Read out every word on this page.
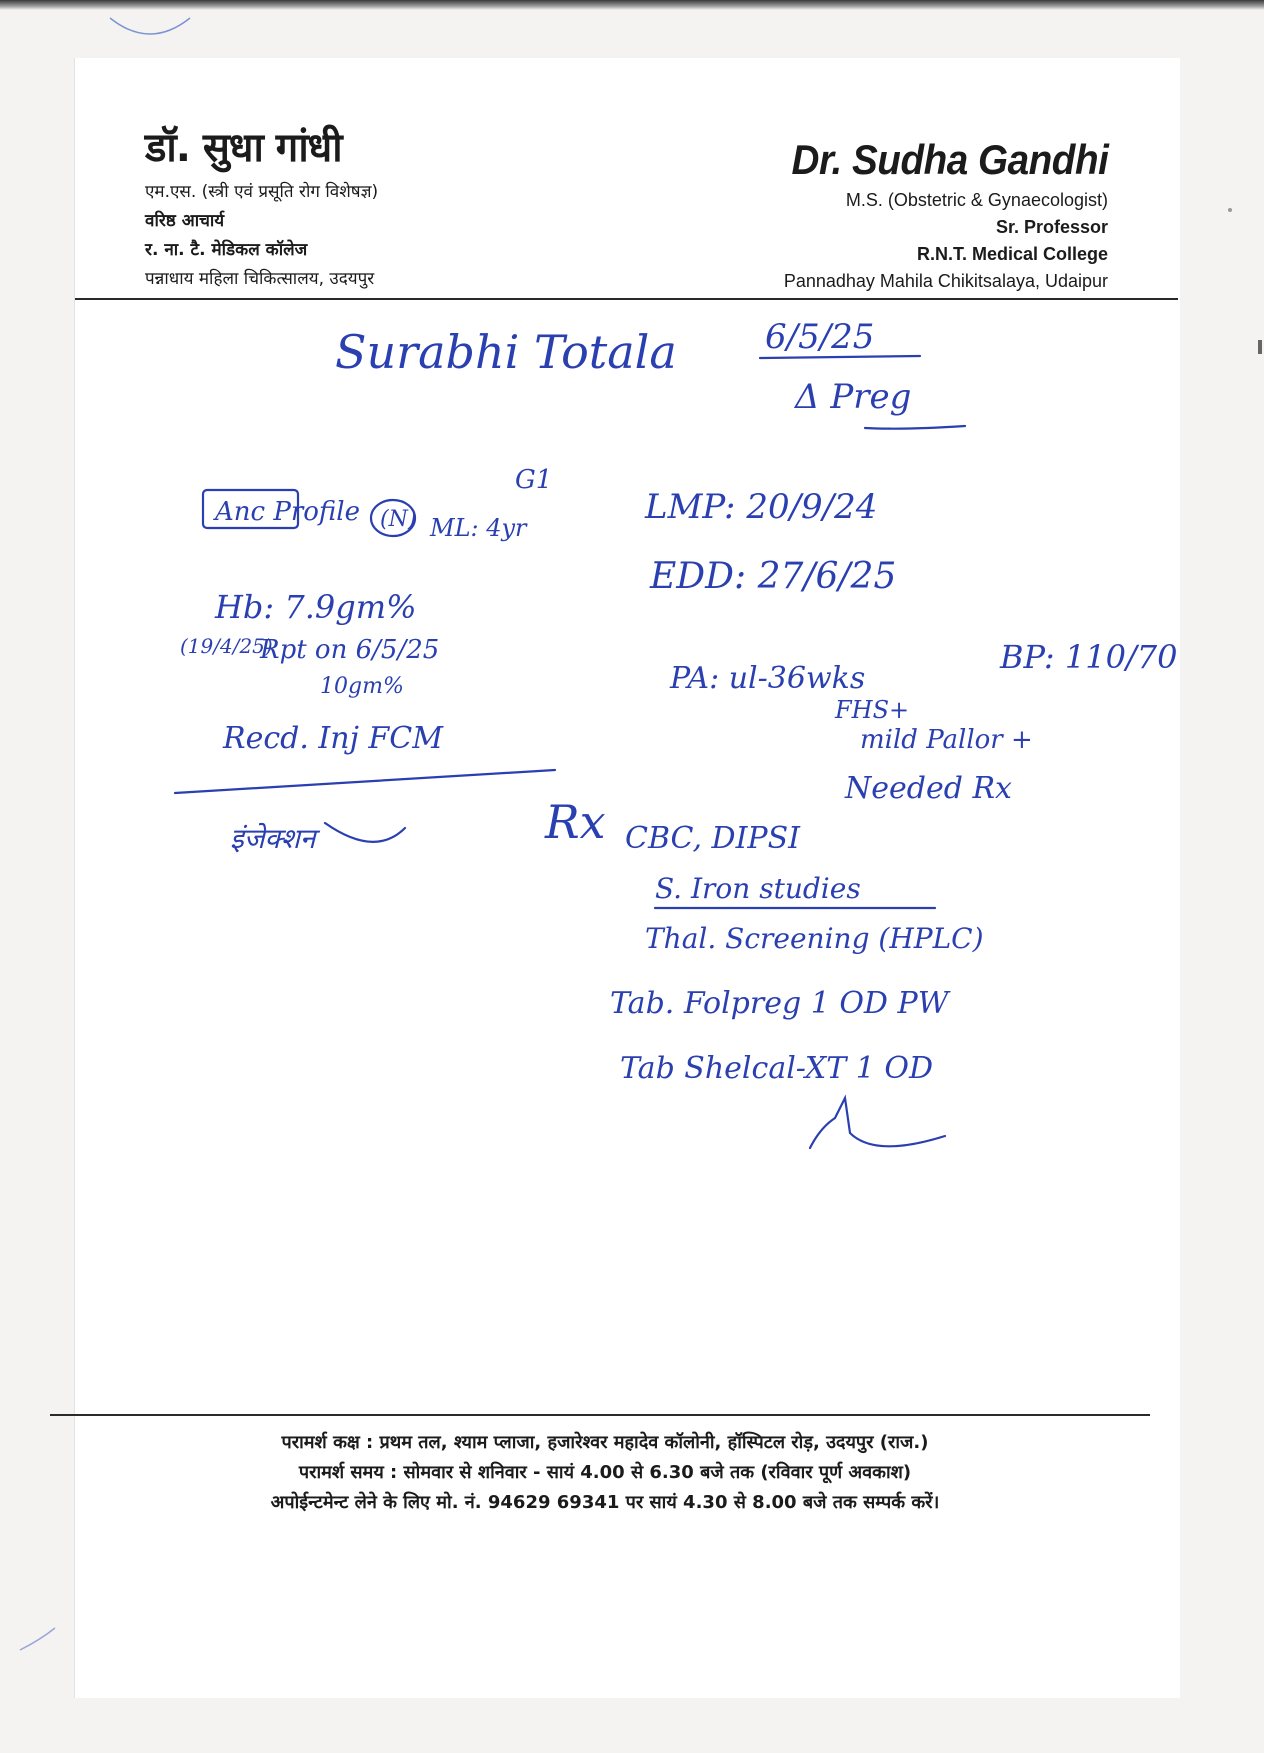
डॉ. सुधा गांधी
एम.एस. (स्त्री एवं प्रसूति रोग विशेषज्ञ)
वरिष्ठ आचार्य
र. ना. टै. मेडिकल कॉलेज
पन्नाधाय महिला चिकित्सालय, उदयपुर
Dr. Sudha Gandhi
M.S. (Obstetric & Gynaecologist)
Sr. Professor
R.N.T. Medical College
Pannadhay Mahila Chikitsalaya, Udaipur
Surabhi Totala	6/5/25
Δ Preg
Anc Profile (N) ML: 4yr
G1
LMP: 20/9/24
EDD: 27/6/25
Hb: 7.9gm%
(19/4/25)
Rpt on 6/5/25
10gm%
Recd. Inj FCM
इंजेक्शन
PA: ul-36wks
FHS+
mild Pallor +
Needed Rx
BP: 110/70
Rx CBC, DIPSI
S. Iron studies
Thal. Screening (HPLC)
Tab. Folpreg 1 OD PW
Tab Shelcal-XT 1 OD
परामर्श कक्ष : प्रथम तल, श्याम प्लाजा, हजारेश्वर महादेव कॉलोनी, हॉस्पिटल रोड़, उदयपुर (राज.)
परामर्श समय : सोमवार से शनिवार - सायं 4.00 से 6.30 बजे तक (रविवार पूर्ण अवकाश)
अपोईन्टमेन्ट लेने के लिए मो. नं. 94629 69341 पर सायं 4.30 से 8.00 बजे तक सम्पर्क करें।
